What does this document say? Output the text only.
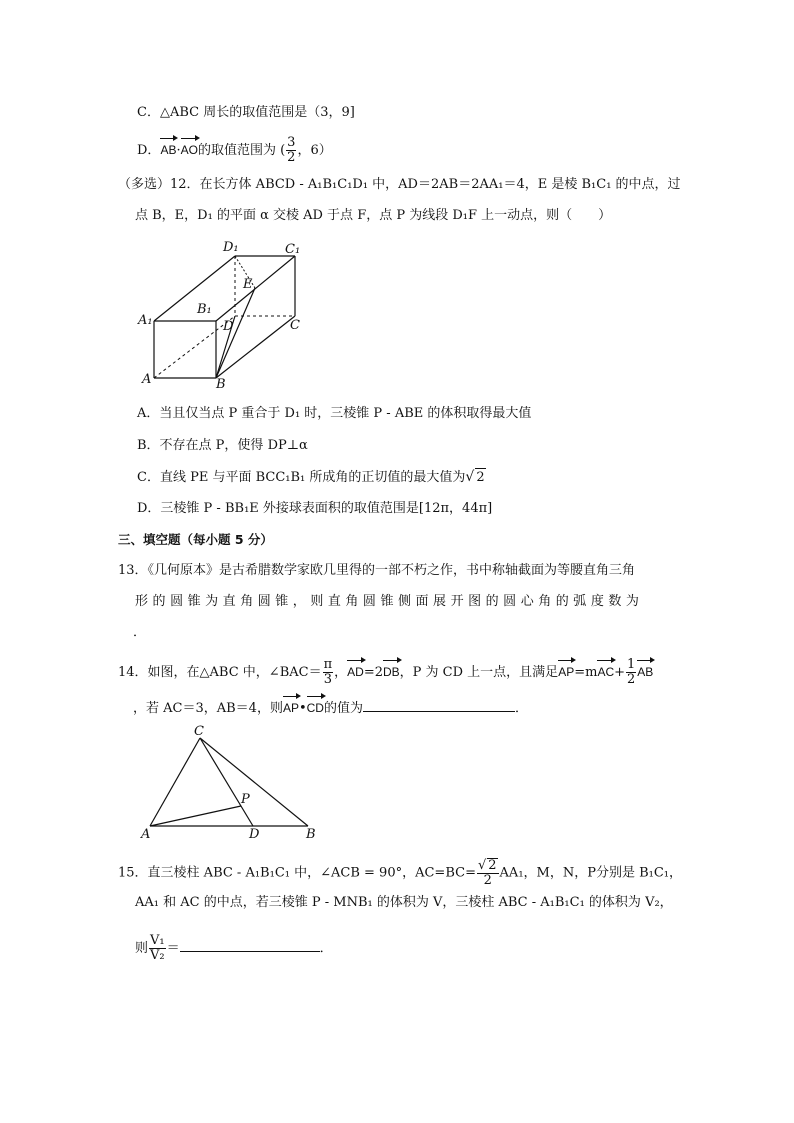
C．△ABC 周长的取值范围是（3，9]
D．AB·AO的取值范围为 ( $\frac{3}{2}$ ，6）
（多选）12．在长方体 ABCD - A₁B₁C₁D₁ 中，AD＝2AB＝2AA₁＝4，E 是棱 B₁C₁ 的中点，过
点 B，E，D₁ 的平面 α 交棱 AD 于点 F，点 P 为线段 D₁F 上一动点，则（　　）
D₁	C₁
E
A₁
B₁
D	C
A	B
A．当且仅当点 P 重合于 D₁ 时，三棱锥 P - ABE 的体积取得最大值
B．不存在点 P，使得 DP⊥α
C．直线 PE 与平面 BCC₁B₁ 所成角的正切值的最大值为√ 2
D．三棱锥 P - BB₁E 外接球表面积的取值范围是[12π，44π]
三、填空题（每小题 5 分）
13．《几何原本》是古希腊数学家欧几里得的一部不朽之作，书中称轴截面为等腰直角三角
形 的 圆 锥 为 直 角 圆 锥 ， 则 直 角 圆 锥 侧 面 展 开 图 的 圆 心 角 的 弧 度 数 为
．
14．如图，在△ABC 中，∠BAC＝ $\frac{\pi}{3}$ ，AD=2DB，P 为 CD 上一点，且满足$AP=mAC+ \frac{1}{2}$ AB
，若 AC＝3，AB＝4，则AP•CD的值为	．
C
P
A	D	B
15．直三棱柱 ABC - A₁B₁C₁ 中，∠ACB = 90°，$AC=BC= \frac{√ 2}{2} AA_1$，M，N，P分别是 B₁C₁，
AA₁ 和 AC 的中点，若三棱锥 P - MNB₁ 的体积为 V，三棱柱 ABC - A₁B₁C₁ 的体积为 V₂，
则 $\frac{\text{V₁}}{\text{V₂}}$ ＝	．
